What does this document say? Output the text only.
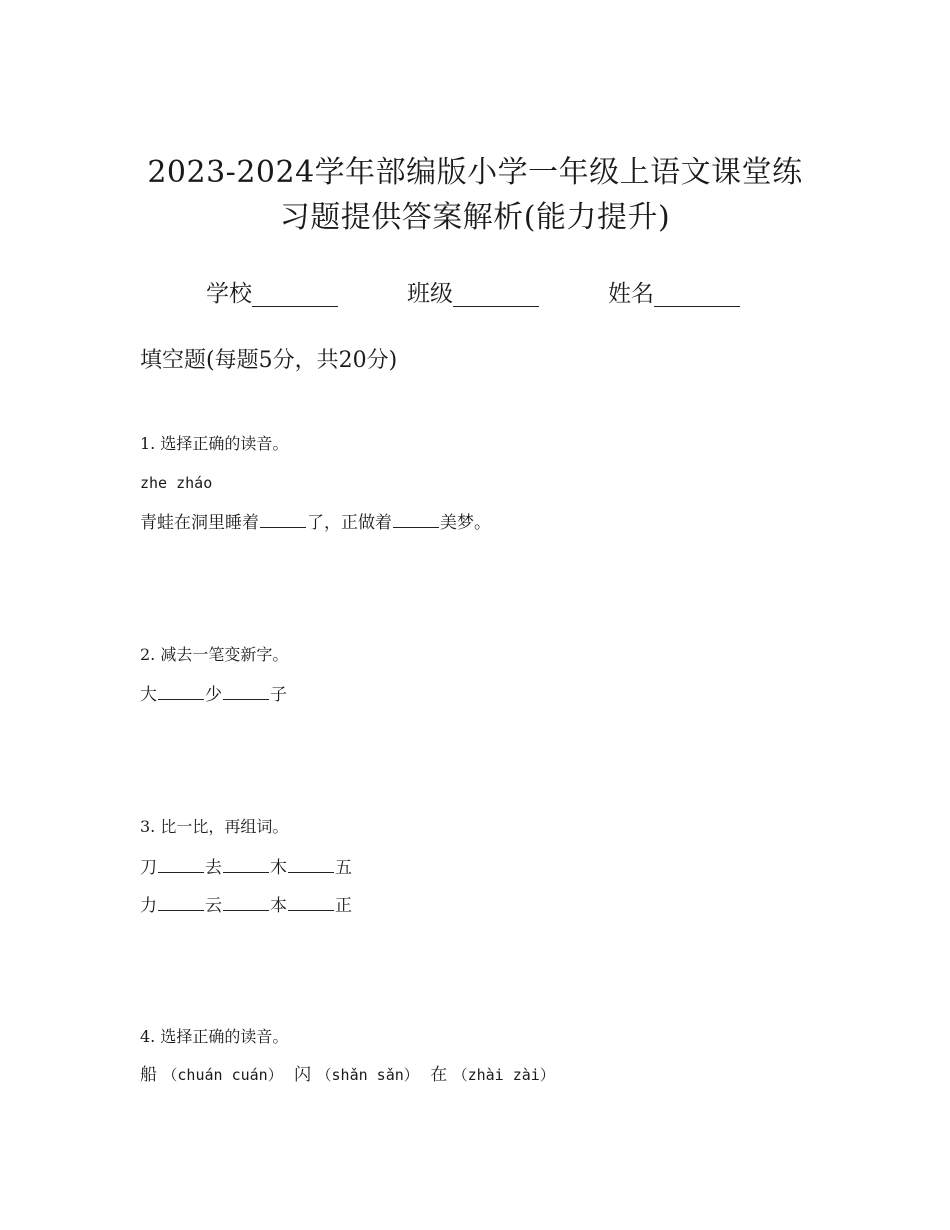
2023-2024学年部编版小学一年级上语文课堂练
习题提供答案解析(能力提升)
学校	班级	姓名
填空题(每题5分，共20分)
1. 选择正确的读音。
zhe zháo
青蛙在洞里睡着	了，正做着	美梦。
2. 减去一笔变新字。
大	少	子
3. 比一比，再组词。
刀	去	木	五
力	云	本	正
4. 选择正确的读音。
船 （chuán cuán） 闪 （shǎn sǎn） 在 （zhài zài）
